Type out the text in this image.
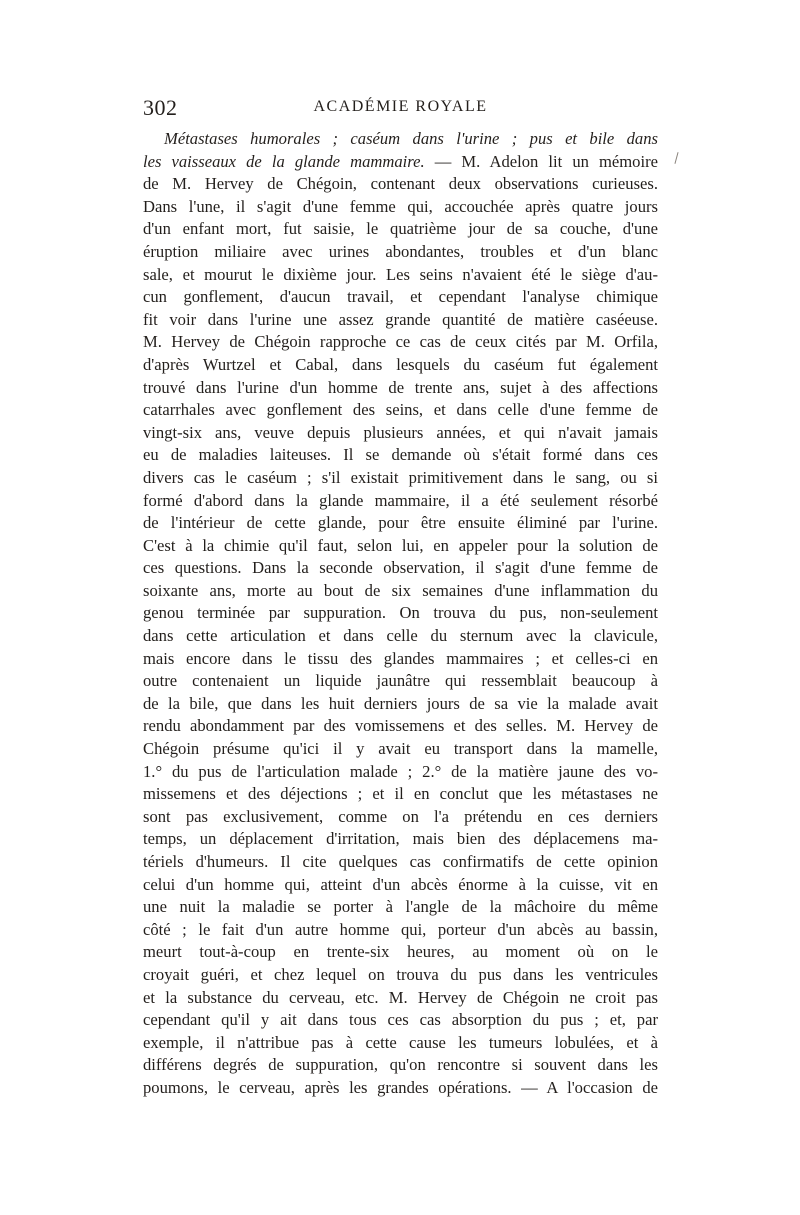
302	ACADÉMIE ROYALE
Métastases humorales ; caséum dans l'urine ; pus et bile dans
les vaisseaux de la glande mammaire. — M. Adelon lit un mémoire
de M. Hervey de Chégoin, contenant deux observations curieuses.
Dans l'une, il s'agit d'une femme qui, accouchée après quatre jours
d'un enfant mort, fut saisie, le quatrième jour de sa couche, d'une
éruption miliaire avec urines abondantes, troubles et d'un blanc
sale, et mourut le dixième jour. Les seins n'avaient été le siège d'au-
cun gonflement, d'aucun travail, et cependant l'analyse chimique
fit voir dans l'urine une assez grande quantité de matière caséeuse.
M. Hervey de Chégoin rapproche ce cas de ceux cités par M. Orfila,
d'après Wurtzel et Cabal, dans lesquels du caséum fut également
trouvé dans l'urine d'un homme de trente ans, sujet à des affections
catarrhales avec gonflement des seins, et dans celle d'une femme de
vingt-six ans, veuve depuis plusieurs années, et qui n'avait jamais
eu de maladies laiteuses. Il se demande où s'était formé dans ces
divers cas le caséum ; s'il existait primitivement dans le sang, ou si
formé d'abord dans la glande mammaire, il a été seulement résorbé
de l'intérieur de cette glande, pour être ensuite éliminé par l'urine.
C'est à la chimie qu'il faut, selon lui, en appeler pour la solution de
ces questions. Dans la seconde observation, il s'agit d'une femme de
soixante ans, morte au bout de six semaines d'une inflammation du
genou terminée par suppuration. On trouva du pus, non-seulement
dans cette articulation et dans celle du sternum avec la clavicule,
mais encore dans le tissu des glandes mammaires ; et celles-ci en
outre contenaient un liquide jaunâtre qui ressemblait beaucoup à
de la bile, que dans les huit derniers jours de sa vie la malade avait
rendu abondamment par des vomissemens et des selles. M. Hervey de
Chégoin présume qu'ici il y avait eu transport dans la mamelle,
1.° du pus de l'articulation malade ; 2.° de la matière jaune des vo-
missemens et des déjections ; et il en conclut que les métastases ne
sont pas exclusivement, comme on l'a prétendu en ces derniers
temps, un déplacement d'irritation, mais bien des déplacemens ma-
tériels d'humeurs. Il cite quelques cas confirmatifs de cette opinion
celui d'un homme qui, atteint d'un abcès énorme à la cuisse, vit en
une nuit la maladie se porter à l'angle de la mâchoire du même
côté ; le fait d'un autre homme qui, porteur d'un abcès au bassin,
meurt tout-à-coup en trente-six heures, au moment où on le
croyait guéri, et chez lequel on trouva du pus dans les ventricules
et la substance du cerveau, etc. M. Hervey de Chégoin ne croit pas
cependant qu'il y ait dans tous ces cas absorption du pus ; et, par
exemple, il n'attribue pas à cette cause les tumeurs lobulées, et à
différens degrés de suppuration, qu'on rencontre si souvent dans les
poumons, le cerveau, après les grandes opérations. — A l'occasion de
